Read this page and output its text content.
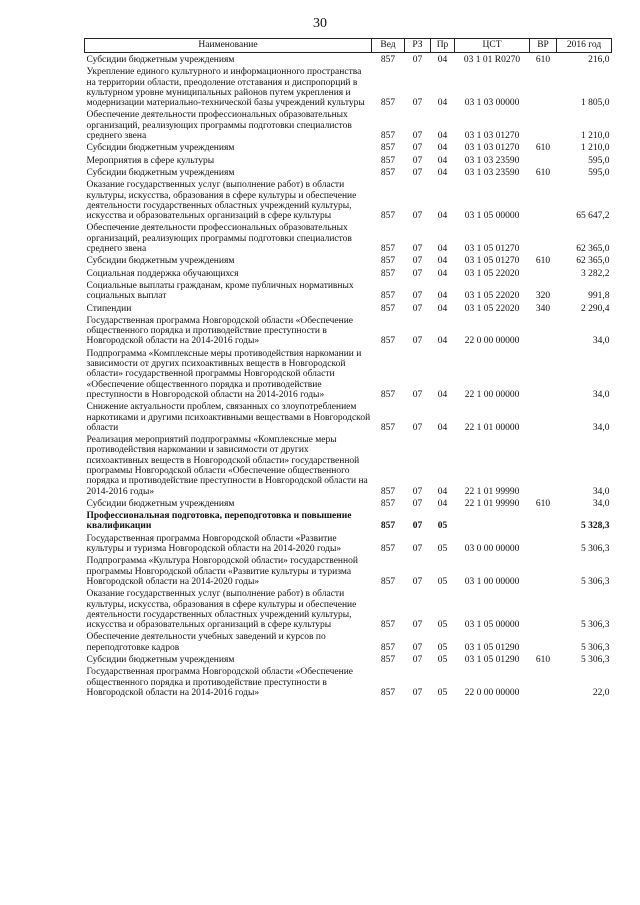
30
Наименование	Вед	РЗ	Пр	ЦСТ	ВР	2016 год
Субсидии бюджетным учреждениям	857	07	04	03 1 01 R0270	610	216,0
Укрепление единого культурного и информационного пространства на территории области, преодоление отставания и диспропорций в культурном уровне муниципальных районов путем укрепления и модернизации материально-технической базы учреждений культуры	857	07	04	03 1 03 00000		1 805,0
Обеспечение деятельности профессиональных образовательных организаций, реализующих программы подготовки специалистов среднего звена	857	07	04	03 1 03 01270		1 210,0
Субсидии бюджетным учреждениям	857	07	04	03 1 03 01270	610	1 210,0
Мероприятия в сфере культуры	857	07	04	03 1 03 23590		595,0
Субсидии бюджетным учреждениям	857	07	04	03 1 03 23590	610	595,0
Оказание государственных услуг (выполнение работ) в области культуры, искусства, образования в сфере культуры и обеспечение деятельности государственных областных учреждений культуры, искусства и образовательных организаций в сфере культуры	857	07	04	03 1 05 00000		65 647,2
Обеспечение деятельности профессиональных образовательных организаций, реализующих программы подготовки специалистов среднего звена	857	07	04	03 1 05 01270		62 365,0
Субсидии бюджетным учреждениям	857	07	04	03 1 05 01270	610	62 365,0
Социальная поддержка обучающихся	857	07	04	03 1 05 22020		3 282,2
Социальные выплаты гражданам, кроме публичных нормативных социальных выплат	857	07	04	03 1 05 22020	320	991,8
Стипендии	857	07	04	03 1 05 22020	340	2 290,4
Государственная программа Новгородской области «Обеспечение общественного порядка и противодействие преступности в Новгородской области на 2014-2016 годы»	857	07	04	22 0 00 00000		34,0
Подпрограмма «Комплексные меры противодействия наркомании и зависимости от других психоактивных веществ в Новгородской области» государственной программы Новгородской области «Обеспечение общественного порядка и противодействие преступности в Новгородской области на 2014-2016 годы»	857	07	04	22 1 00 00000		34,0
Снижение актуальности проблем, связанных со злоупотреблением наркотиками и другими психоактивными веществами в Новгородской области	857	07	04	22 1 01 00000		34,0
Реализация мероприятий подпрограммы «Комплексные меры противодействия наркомании и зависимости от других психоактивных веществ в Новгородской области» государственной программы Новгородской области «Обеспечение общественного порядка и противодействие преступности в Новгородской области на 2014-2016 годы»	857	07	04	22 1 01 99990		34,0
Субсидии бюджетным учреждениям	857	07	04	22 1 01 99990	610	34,0
Профессиональная подготовка, переподготовка и повышение квалификации	857	07	05			5 328,3
Государственная программа Новгородской области «Развитие культуры и туризма Новгородской области на 2014-2020 годы»	857	07	05	03 0 00 00000		5 306,3
Подпрограмма «Культура Новгородской области» государственной программы Новгородской области «Развитие культуры и туризма Новгородской области на 2014-2020 годы»	857	07	05	03 1 00 00000		5 306,3
Оказание государственных услуг (выполнение работ) в области культуры, искусства, образования в сфере культуры и обеспечение деятельности государственных областных учреждений культуры, искусства и образовательных организаций в сфере культуры	857	07	05	03 1 05 00000		5 306,3
Обеспечение деятельности учебных заведений и курсов по переподготовке кадров	857	07	05	03 1 05 01290		5 306,3
Субсидии бюджетным учреждениям	857	07	05	03 1 05 01290	610	5 306,3
Государственная программа Новгородской области «Обеспечение общественного порядка и противодействие преступности в Новгородской области на 2014-2016 годы»	857	07	05	22 0 00 00000		22,0
